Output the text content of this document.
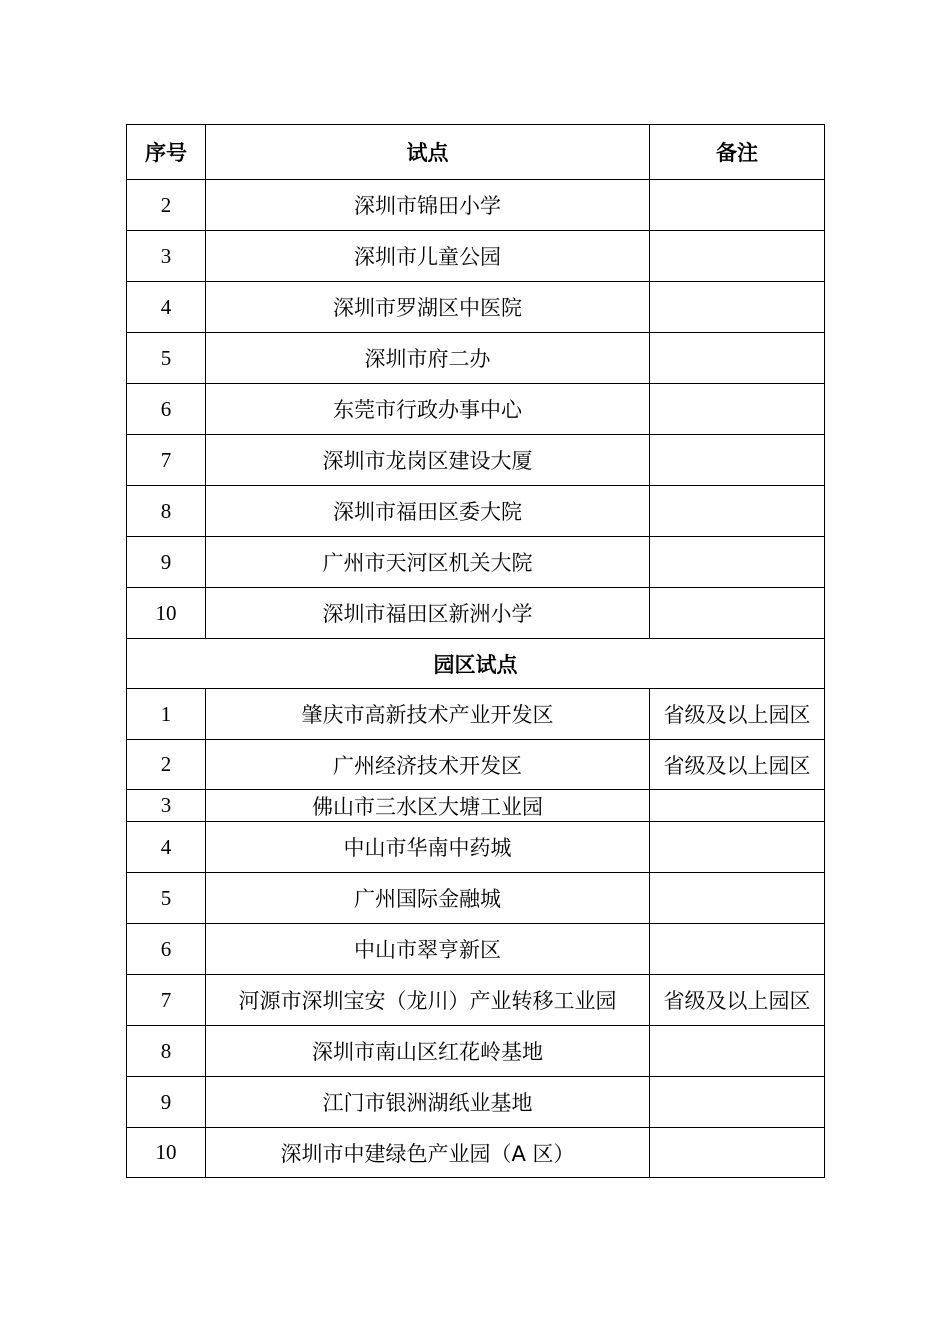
序号	试点	备注
2	深圳市锦田小学	
3	深圳市儿童公园	
4	深圳市罗湖区中医院	
5	深圳市府二办	
6	东莞市行政办事中心	
7	深圳市龙岗区建设大厦	
8	深圳市福田区委大院	
9	广州市天河区机关大院	
10	深圳市福田区新洲小学	
园区试点		
1	肇庆市高新技术产业开发区	省级及以上园区
2	广州经济技术开发区	省级及以上园区
3	佛山市三水区大塘工业园	
4	中山市华南中药城	
5	广州国际金融城	
6	中山市翠亨新区	
7	河源市深圳宝安（龙川）产业转移工业园	省级及以上园区
8	深圳市南山区红花岭基地	
9	江门市银洲湖纸业基地	
10	深圳市中建绿色产业园（A 区）	
